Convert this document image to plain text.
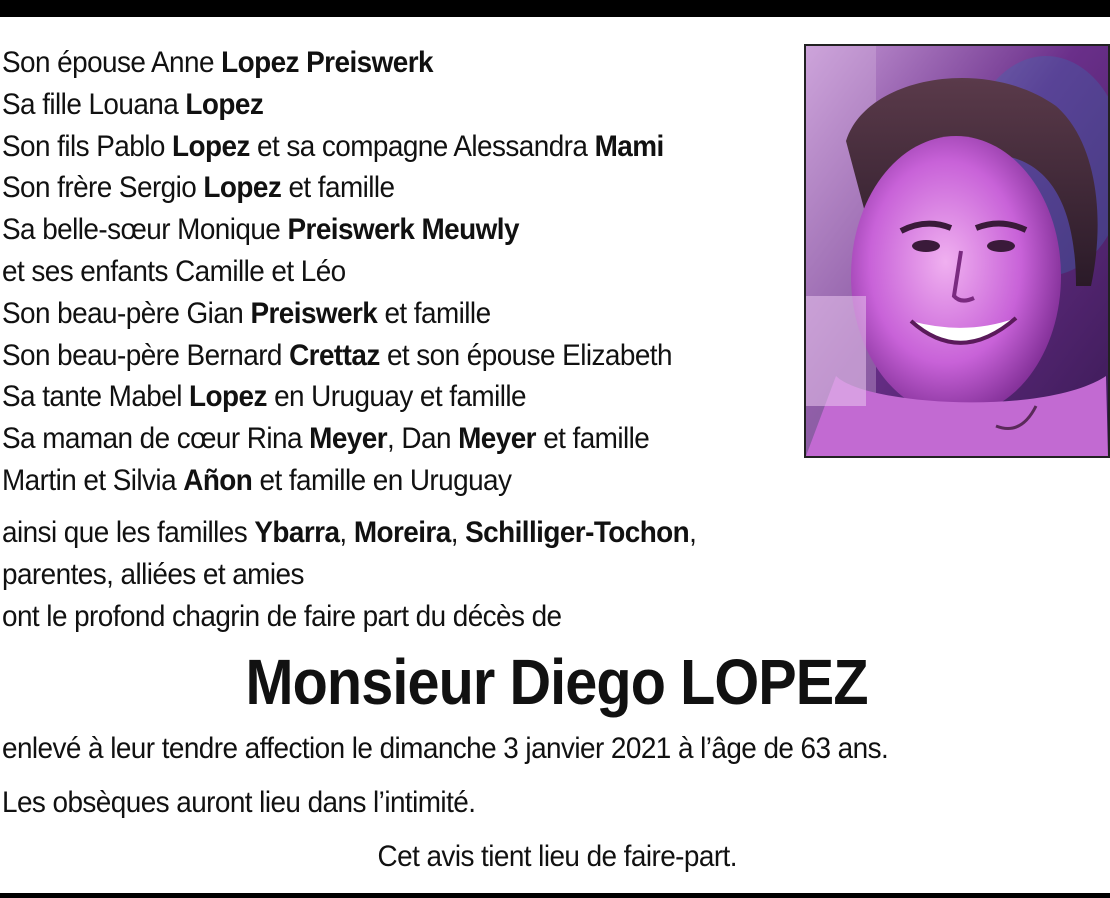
Son épouse Anne Lopez Preiswerk
Sa fille Louana Lopez
Son fils Pablo Lopez et sa compagne Alessandra Mami
Son frère Sergio Lopez et famille
Sa belle-sœur Monique Preiswerk Meuwly
et ses enfants Camille et Léo
Son beau-père Gian Preiswerk et famille
Son beau-père Bernard Crettaz et son épouse Elizabeth
Sa tante Mabel Lopez en Uruguay et famille
Sa maman de cœur Rina Meyer, Dan Meyer et famille
Martin et Silvia Añon et famille en Uruguay
ainsi que les familles Ybarra, Moreira, Schilliger-Tochon,
parentes, alliées et amies
ont le profond chagrin de faire part du décès de
Monsieur Diego LOPEZ
enlevé à leur tendre affection le dimanche 3 janvier 2021 à l’âge de 63 ans.
Les obsèques auront lieu dans l’intimité.
Cet avis tient lieu de faire-part.
